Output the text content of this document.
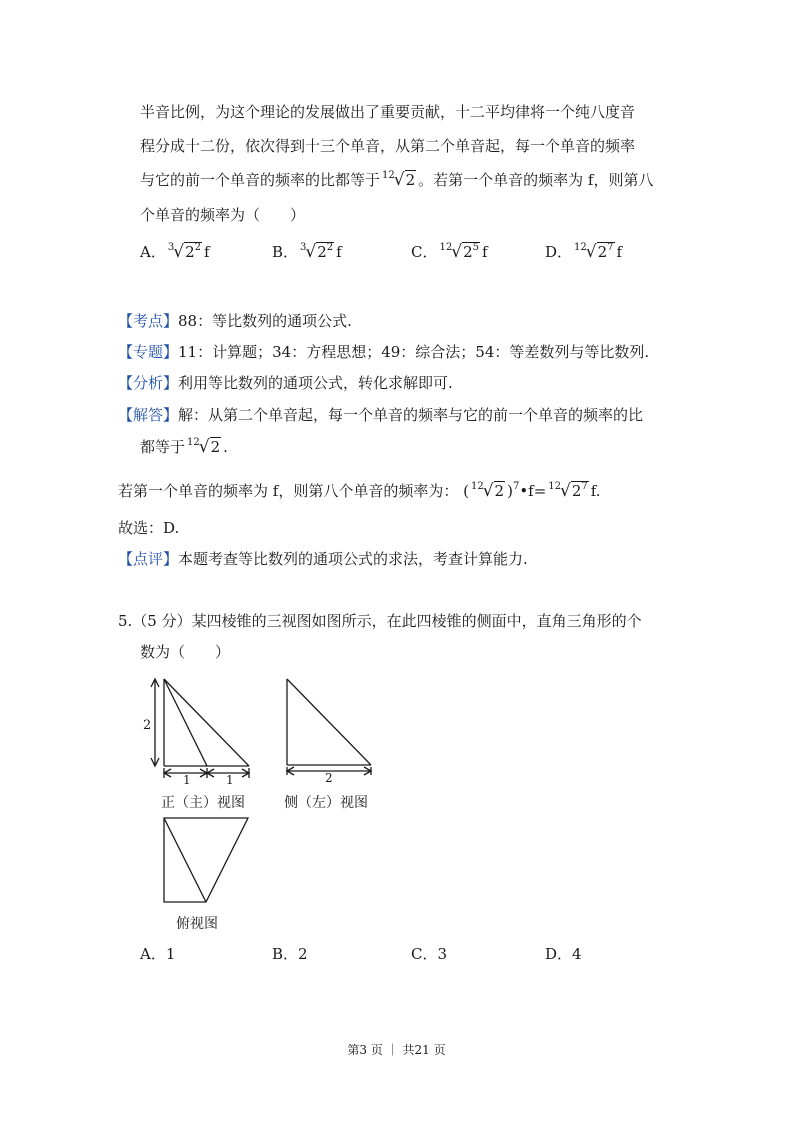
半音比例，为这个理论的发展做出了重要贡献，十二平均律将一个纯八度音
程分成十二份，依次得到十三个单音，从第二个单音起，每一个单音的频率
与它的前一个单音的频率的比都等于 $^{12}$√2 。若第一个单音的频率为 f，则第八
个单音的频率为（　　）
A． $^3√2^2$ f	B． $^3√2^2$ f	C． $^{12}√2^5$ f	D． $^{12}√2^7$ f
【考点】88：等比数列的通项公式.
【专题】11：计算题；34：方程思想；49：综合法；54：等差数列与等比数列.
【分析】利用等比数列的通项公式，转化求解即可.
【解答】解：从第二个单音起，每一个单音的频率与它的前一个单音的频率的比
都等于 $^{12}$√2 .
若第一个单音的频率为 f，则第八个单音的频率为： ( $^{12}$√2 )$^7$•f= $^{12}√2^7$ f.
故选：D.
【点评】本题考查等比数列的通项公式的求法，考查计算能力.
5.（5 分）某四棱锥的三视图如图所示，在此四棱锥的侧面中，直角三角形的个
数为（　　）
2
1	1	2
正（主）视图	侧（左）视图
俯视图
A．1	B．2	C．3	D．4
第3 页 ｜ 共21 页
